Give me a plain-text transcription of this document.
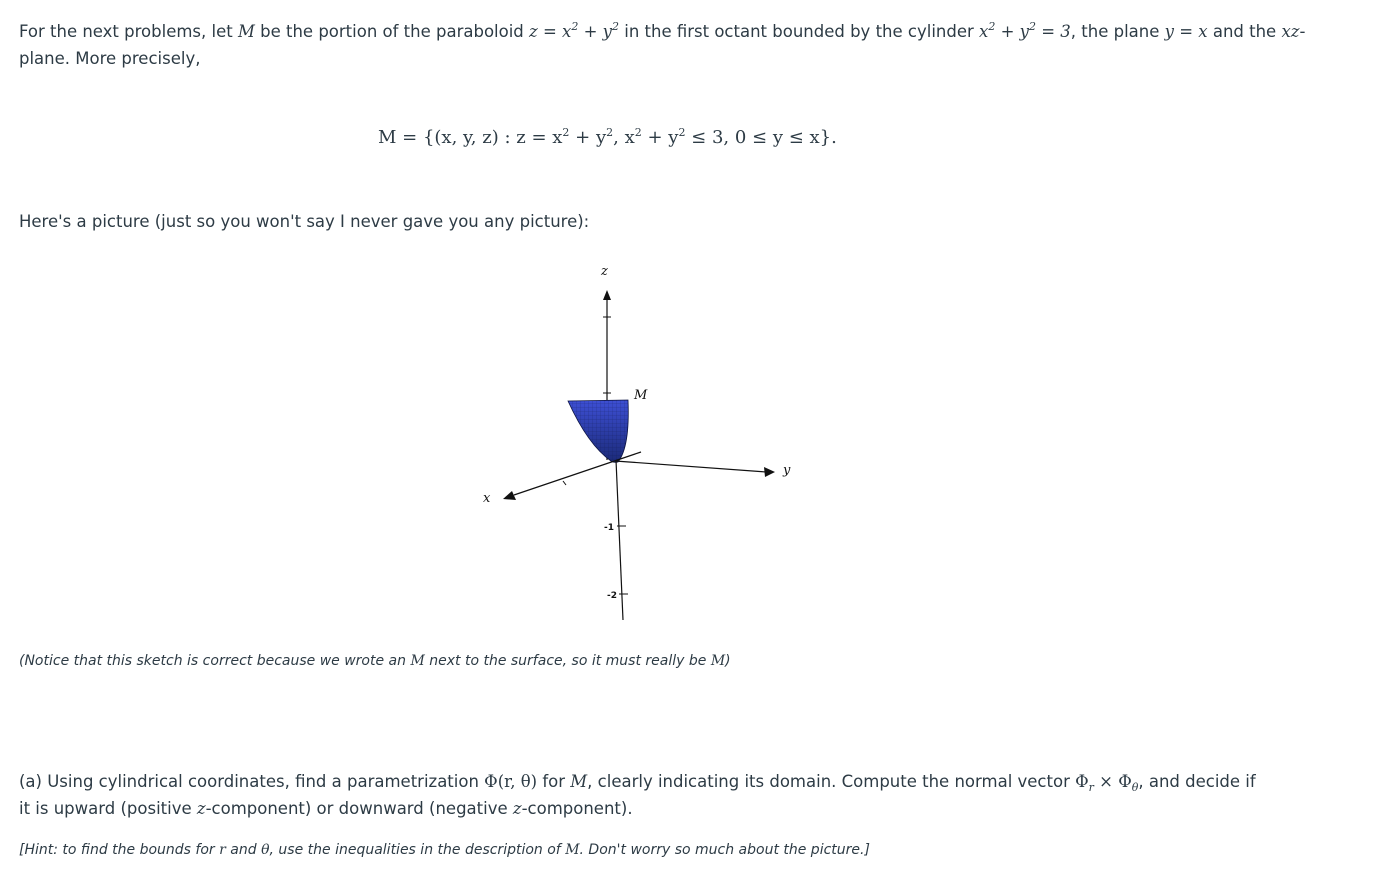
For the next problems, let M be the portion of the paraboloid $z = x^2 + y^2$ in the first octant bounded by the cylinder $x^2 + y^2 = 3$, the plane y = x and the xz-plane. More precisely,
M = {(x, y, z) : $z = x^2 + y^2$, $x^2 + y^2 \le 3$, 0 ≤ y ≤ x}.
Here's a picture (just so you won't say I never gave you any picture):
z
M
y
x
-1
-2
(Notice that this sketch is correct because we wrote an M next to the surface, so it must really be M)
(a) Using cylindrical coordinates, find a parametrization Φ(r, θ) for M, clearly indicating its domain. Compute the normal vector $\Phi_r \times \Phi_\theta$, and decide if it is upward (positive z-component) or downward (negative z-component).
[Hint: to find the bounds for r and θ, use the inequalities in the description of M. Don't worry so much about the picture.]
